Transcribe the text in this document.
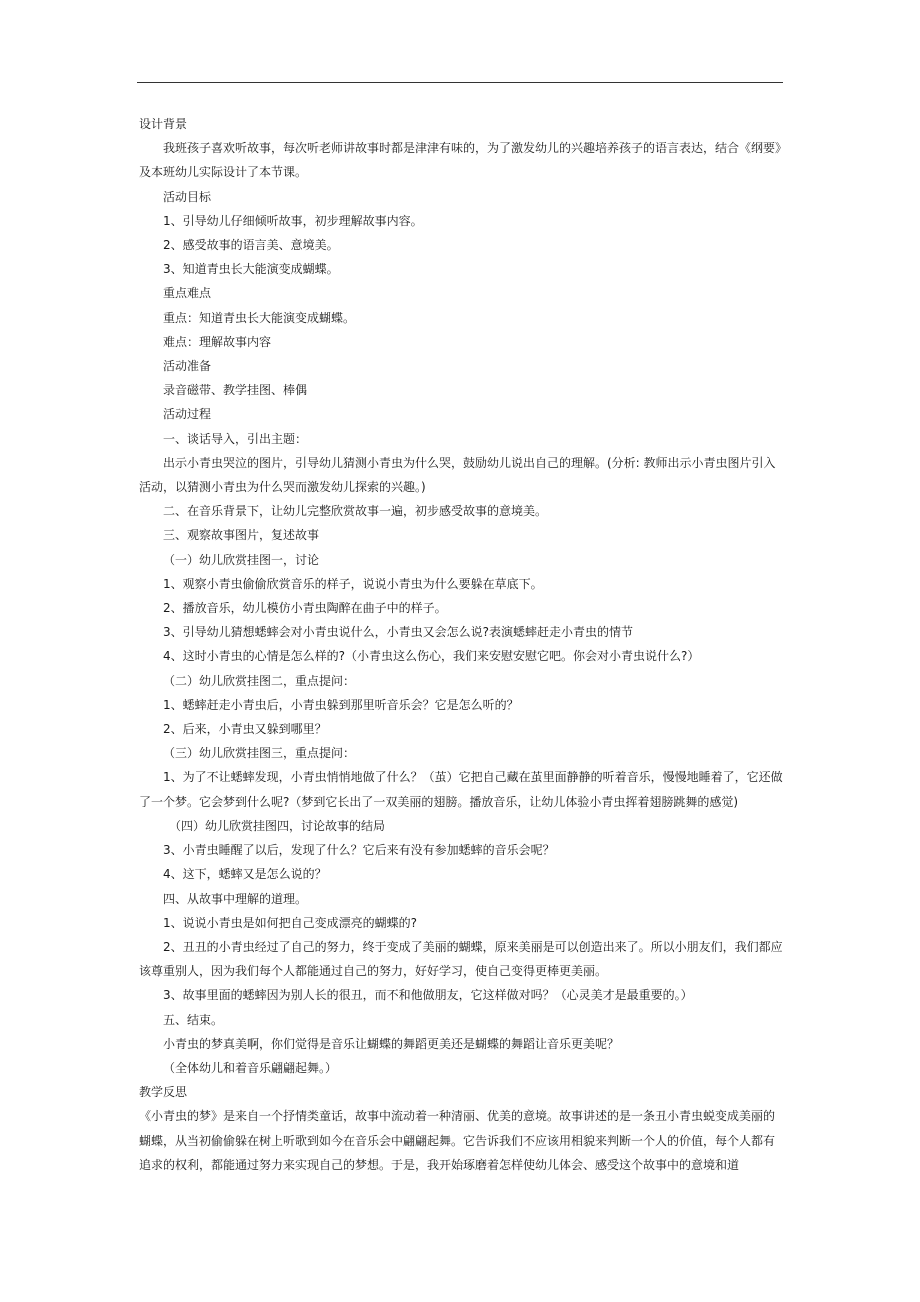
设计背景

我班孩子喜欢听故事，每次听老师讲故事时都是津津有味的，为了激发幼儿的兴趣培养孩子的语言表达，结合《纲要》及本班幼儿实际设计了本节课。

活动目标

1、引导幼儿仔细倾听故事，初步理解故事内容。

2、感受故事的语言美、意境美。

3、知道青虫长大能演变成蝴蝶。

重点难点

重点：知道青虫长大能演变成蝴蝶。

难点：理解故事内容

活动准备

录音磁带、教学挂图、棒偶

活动过程

一、谈话导入，引出主题：

出示小青虫哭泣的图片，引导幼儿猜测小青虫为什么哭，鼓励幼儿说出自己的理解。(分析: 教师出示小青虫图片引入活动，以猜测小青虫为什么哭而激发幼儿探索的兴趣。)

二、在音乐背景下，让幼儿完整欣赏故事一遍，初步感受故事的意境美。

三、观察故事图片，复述故事

（一）幼儿欣赏挂图一，讨论

1、观察小青虫偷偷欣赏音乐的样子，说说小青虫为什么要躲在草底下。

2、播放音乐，幼儿模仿小青虫陶醉在曲子中的样子。

3、引导幼儿猜想蟋蟀会对小青虫说什么，小青虫又会怎么说?表演蟋蟀赶走小青虫的情节

4、这时小青虫的心情是怎么样的?（小青虫这么伤心，我们来安慰安慰它吧。你会对小青虫说什么?）

（二）幼儿欣赏挂图二，重点提问：

1、蟋蟀赶走小青虫后，小青虫躲到那里听音乐会？它是怎么听的？

2、后来，小青虫又躲到哪里？

（三）幼儿欣赏挂图三，重点提问：

1、为了不让蟋蟀发现，小青虫悄悄地做了什么？（茧）它把自己藏在茧里面静静的听着音乐，慢慢地睡着了，它还做了一个梦。它会梦到什么呢?（梦到它长出了一双美丽的翅膀。播放音乐，让幼儿体验小青虫挥着翅膀跳舞的感觉)

（四）幼儿欣赏挂图四，讨论故事的结局

3、小青虫睡醒了以后，发现了什么？它后来有没有参加蟋蟀的音乐会呢？

4、这下，蟋蟀又是怎么说的？

四、从故事中理解的道理。

1、说说小青虫是如何把自己变成漂亮的蝴蝶的?

2、丑丑的小青虫经过了自己的努力，终于变成了美丽的蝴蝶，原来美丽是可以创造出来了。所以小朋友们，我们都应该尊重别人，因为我们每个人都能通过自己的努力，好好学习，使自己变得更棒更美丽。

3、故事里面的蟋蟀因为别人长的很丑，而不和他做朋友，它这样做对吗？（心灵美才是最重要的。）

五、结束。

小青虫的梦真美啊，你们觉得是音乐让蝴蝶的舞蹈更美还是蝴蝶的舞蹈让音乐更美呢？

（全体幼儿和着音乐翩翩起舞。）

教学反思

《小青虫的梦》是来自一个抒情类童话，故事中流动着一种清丽、优美的意境。故事讲述的是一条丑小青虫蜕变成美丽的蝴蝶，从当初偷偷躲在树上听歌到如今在音乐会中翩翩起舞。它告诉我们不应该用相貌来判断一个人的价值，每个人都有追求的权利，都能通过努力来实现自己的梦想。于是，我开始琢磨着怎样使幼儿体会、感受这个故事中的意境和道
